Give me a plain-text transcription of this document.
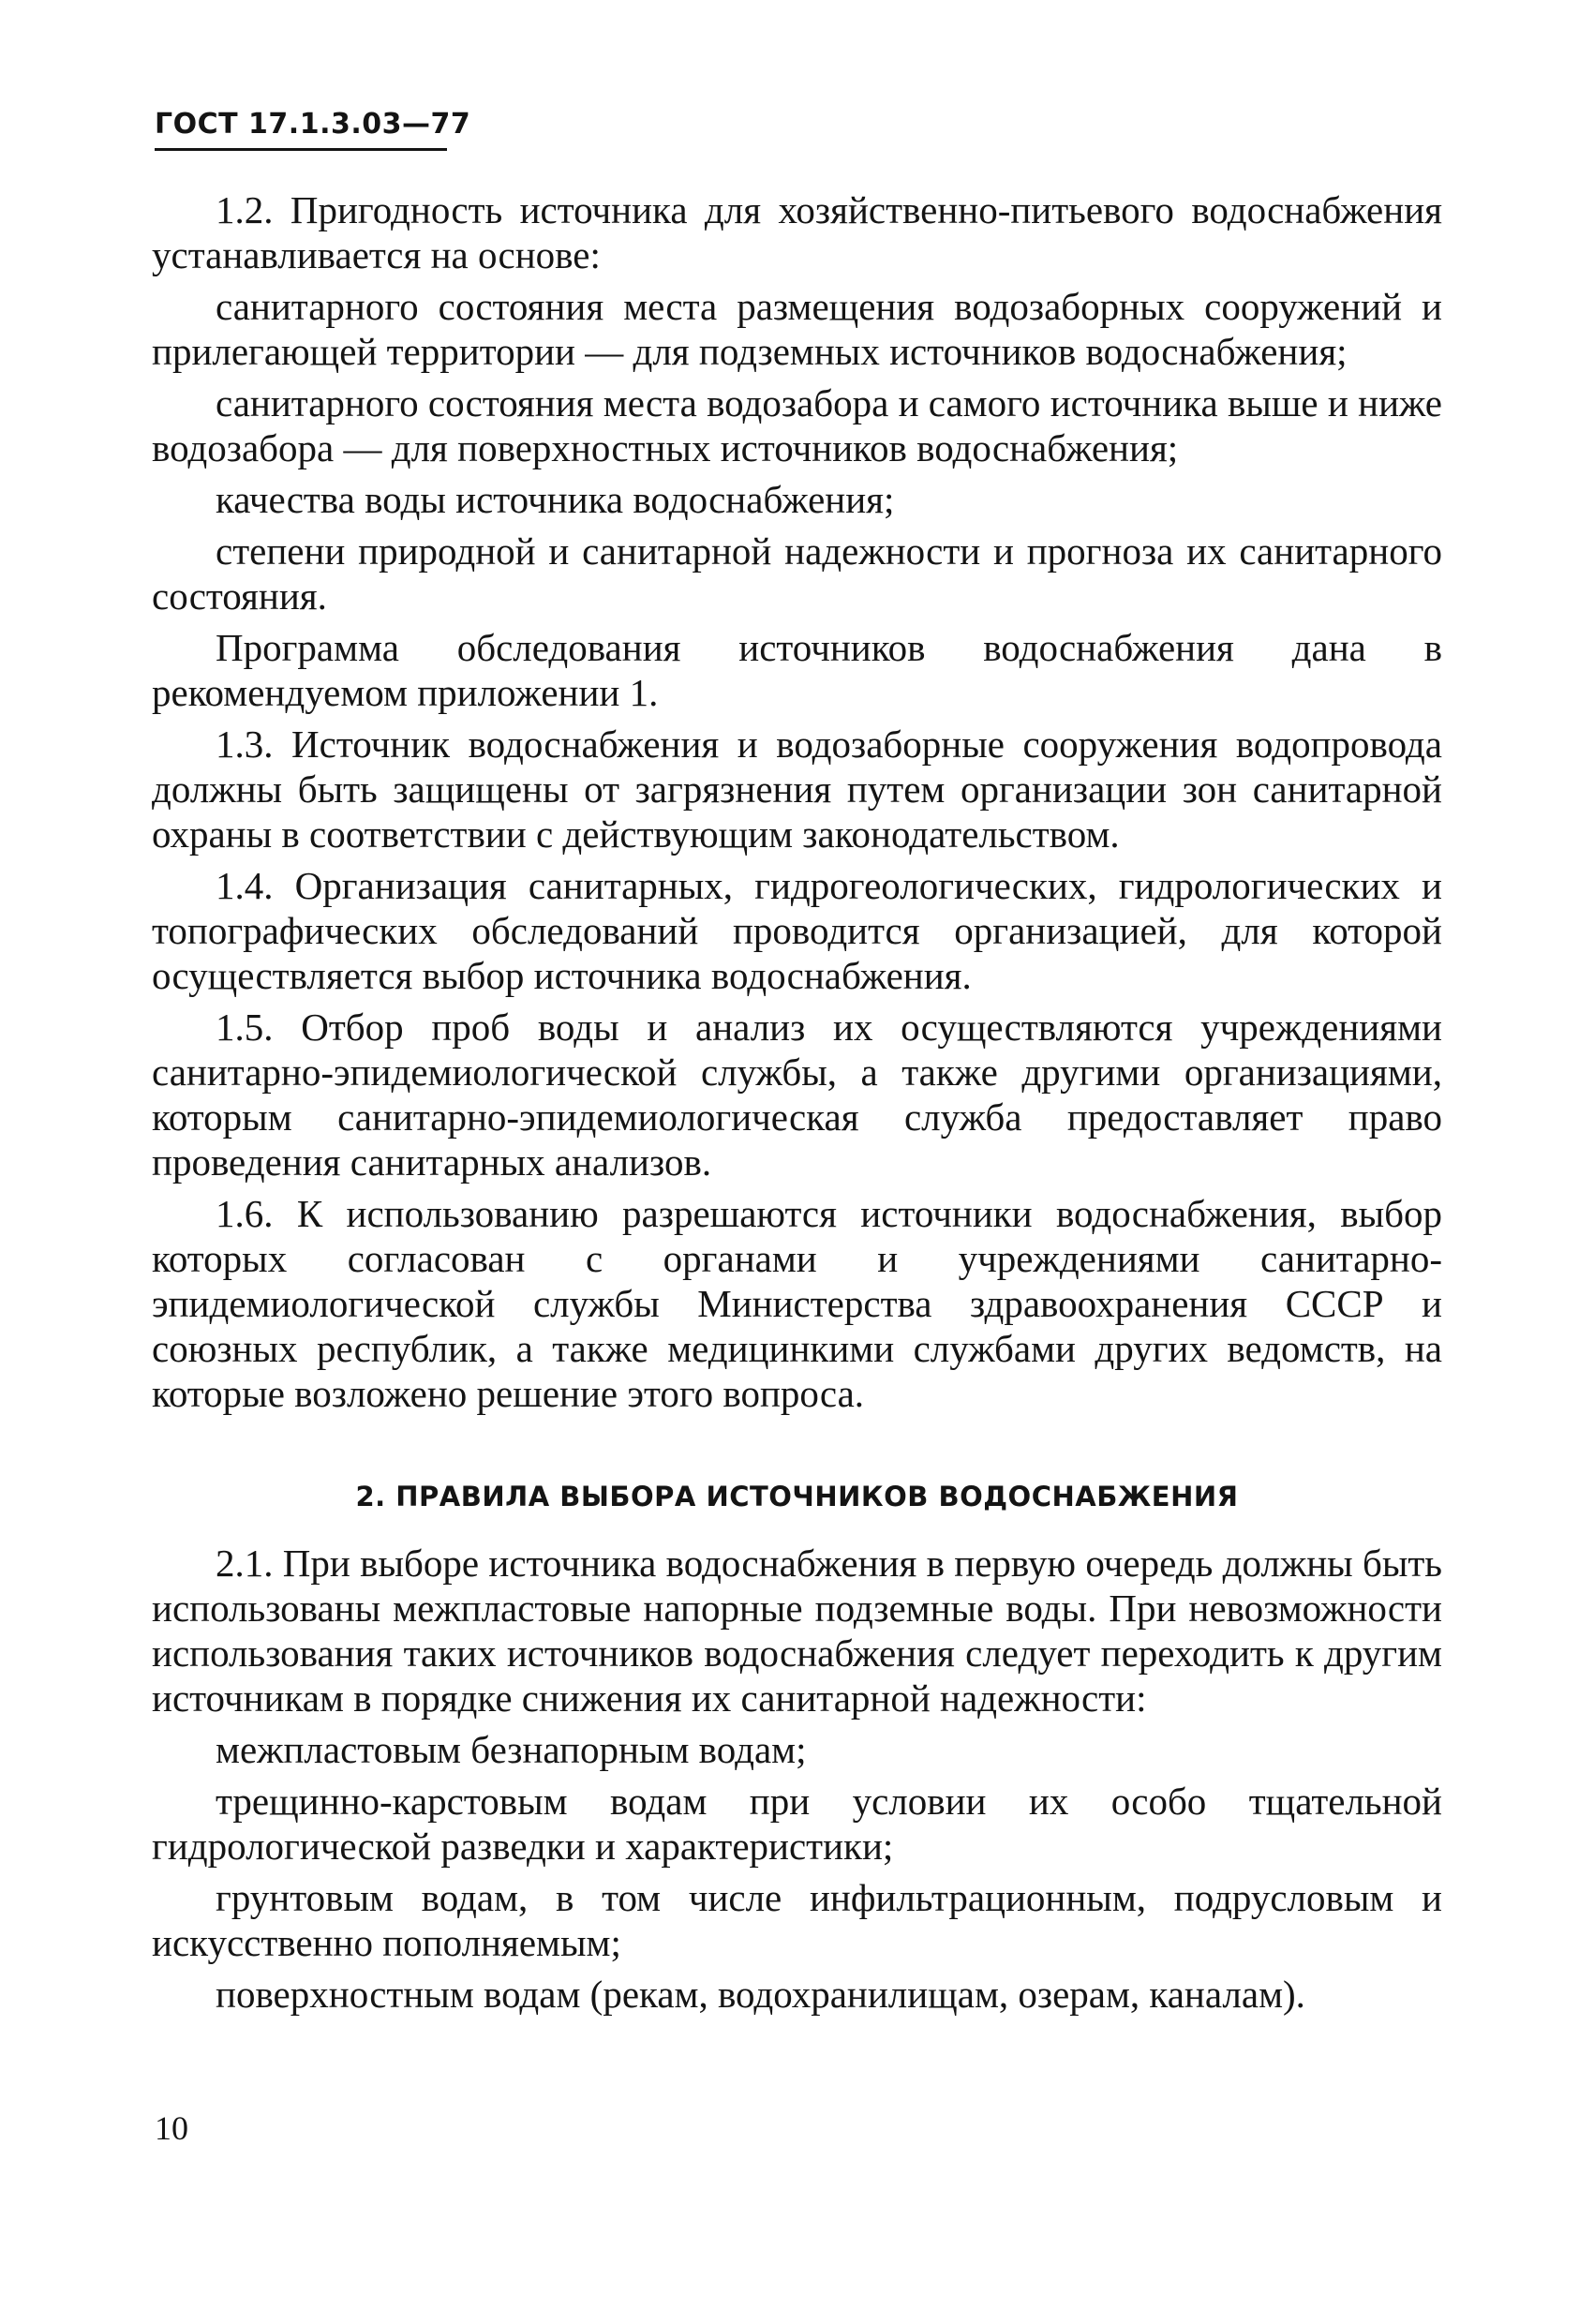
ГОСТ 17.1.3.03—77

1.2. Пригодность источника для хозяйственно-питьевого водоснабжения устанавливается на основе:

санитарного состояния места размещения водозаборных сооружений и прилегающей территории — для подземных источников водоснабжения;

санитарного состояния места водозабора и самого источника выше и ниже водозабора — для поверхностных источников водоснабжения;

качества воды источника водоснабжения;

степени природной и санитарной надежности и прогноза их санитарного состояния.

Программа обследования источников водоснабжения дана в рекомендуемом приложении 1.

1.3. Источник водоснабжения и водозаборные сооружения водопровода должны быть защищены от загрязнения путем организации зон санитарной охраны в соответствии с действующим законодательством.

1.4. Организация санитарных, гидрогеологических, гидрологических и топографических обследований проводится организацией, для которой осуществляется выбор источника водоснабжения.

1.5. Отбор проб воды и анализ их осуществляются учреждениями санитарно-эпидемиологической службы, а также другими организациями, которым санитарно-эпидемиологическая служба предоставляет право проведения санитарных анализов.

1.6. К использованию разрешаются источники водоснабжения, выбор которых согласован с органами и учреждениями санитарно-эпидемиологической службы Министерства здравоохранения СССР и союзных республик, а также медицинкими службами других ведомств, на которые возложено решение этого вопроса.

2. ПРАВИЛА ВЫБОРА ИСТОЧНИКОВ ВОДОСНАБЖЕНИЯ

2.1. При выборе источника водоснабжения в первую очередь должны быть использованы межпластовые напорные подземные воды. При невозможности использования таких источников водоснабжения следует переходить к другим источникам в порядке снижения их санитарной надежности:

межпластовым безнапорным водам;

трещинно-карстовым водам при условии их особо тщательной гидрологической разведки и характеристики;

грунтовым водам, в том числе инфильтрационным, подрусловым и искусственно пополняемым;

поверхностным водам (рекам, водохранилищам, озерам, каналам).

10
